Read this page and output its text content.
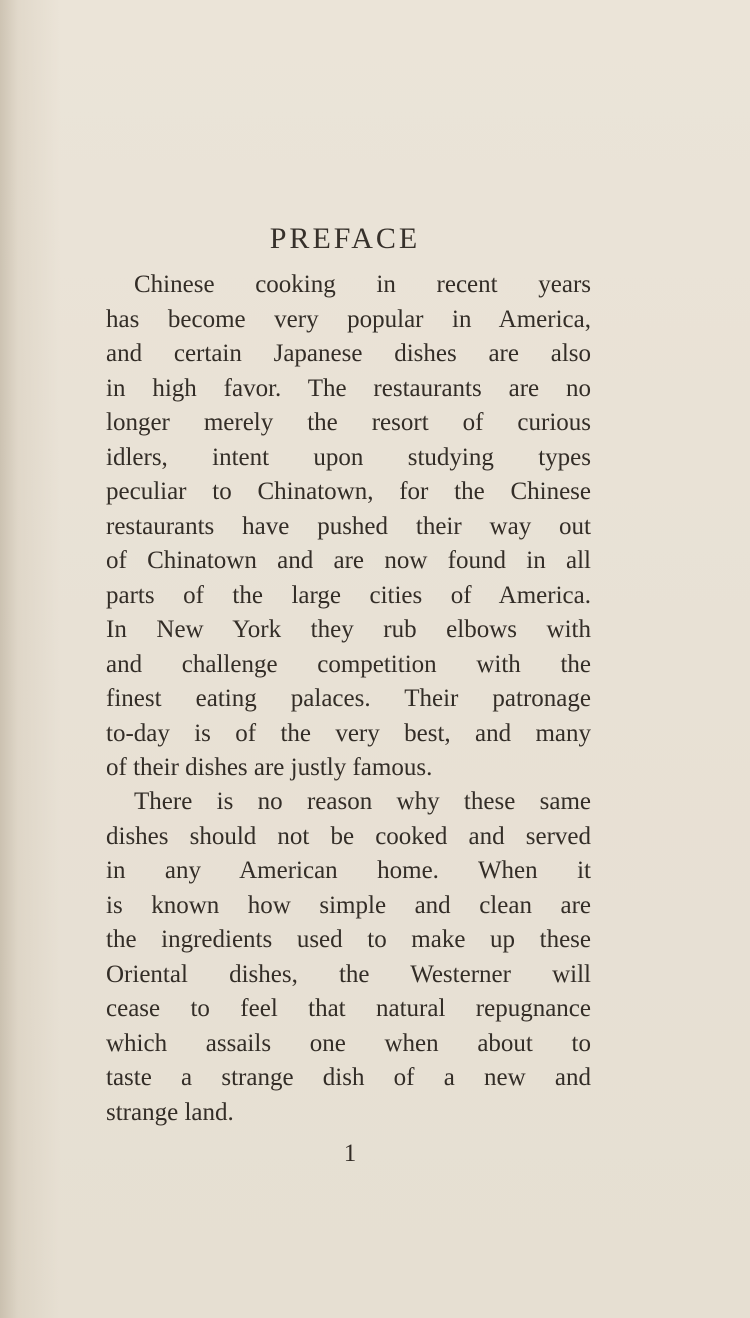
PREFACE
Chinese cooking in recent years
has become very popular in America,
and certain Japanese dishes are also
in high favor. The restaurants are no
longer merely the resort of curious
idlers, intent upon studying types
peculiar to Chinatown, for the Chinese
restaurants have pushed their way out
of Chinatown and are now found in all
parts of the large cities of America.
In New York they rub elbows with
and challenge competition with the
finest eating palaces. Their patronage
to-day is of the very best, and many
of their dishes are justly famous.
There is no reason why these same
dishes should not be cooked and served
in any American home. When it
is known how simple and clean are
the ingredients used to make up these
Oriental dishes, the Westerner will
cease to feel that natural repugnance
which assails one when about to
taste a strange dish of a new and
strange land.
1
